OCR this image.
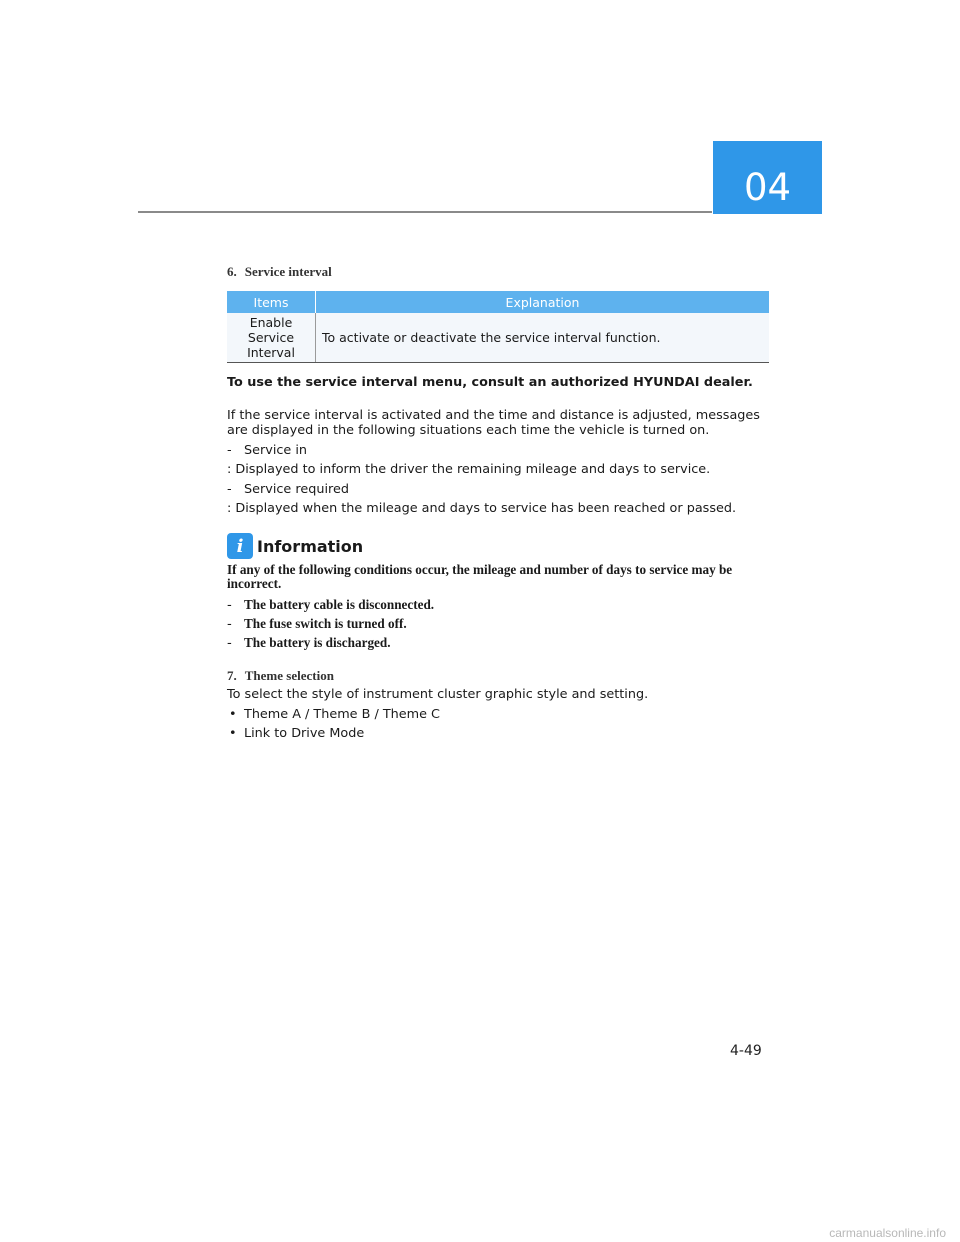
04
6. Service interval
Items	Explanation

Enable
Service
Interval	To activate or deactivate the service interval function.
To use the service interval menu, consult an authorized HYUNDAI dealer.
If the service interval is activated and the time and distance is adjusted, messages are displayed in the following situations each time the vehicle is turned on.
- Service in
: Displayed to inform the driver the remaining mileage and days to service.
- Service required
: Displayed when the mileage and days to service has been reached or passed.
i Information
If any of the following conditions occur, the mileage and number of days to service may be incorrect.
- The battery cable is disconnected.
- The fuse switch is turned off.
- The battery is discharged.
7. Theme selection
To select the style of instrument cluster graphic style and setting.
• Theme A / Theme B / Theme C
• Link to Drive Mode
4-49
carmanualsonline.info
